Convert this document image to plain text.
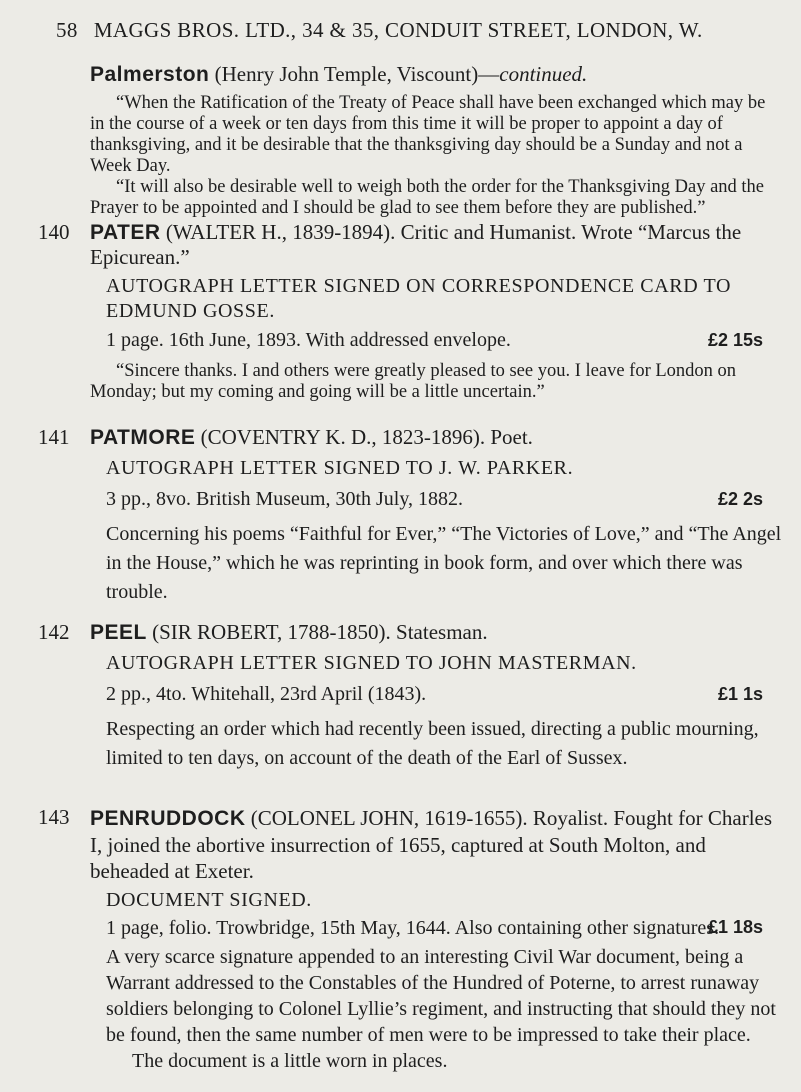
58 MAGGS BROS. LTD., 34 & 35, CONDUIT STREET, LONDON, W.
Palmerston (Henry John Temple, Viscount)—continued.

“When the Ratification of the Treaty of Peace shall have been exchanged which may be in the course of a week or ten days from this time it will be proper to appoint a day of thanksgiving, and it be desirable that the thanksgiving day should be a Sunday and not a Week Day.

“It will also be desirable well to weigh both the order for the Thanksgiving Day and the Prayer to be appointed and I should be glad to see them before they are published.”

140 PATER (WALTER H., 1839-1894). Critic and Humanist. Wrote “Marcus the Epicurean.”
AUTOGRAPH LETTER SIGNED ON CORRESPONDENCE CARD TO EDMUND GOSSE.
1 page. 16th June, 1893. With addressed envelope.	£2 15s

“Sincere thanks. I and others were greatly pleased to see you. I leave for London on Monday; but my coming and going will be a little uncertain.”

141 PATMORE (COVENTRY K. D., 1823-1896). Poet.
AUTOGRAPH LETTER SIGNED TO J. W. PARKER.
3 pp., 8vo. British Museum, 30th July, 1882.	£2 2s

Concerning his poems “Faithful for Ever,” “The Victories of Love,” and “The Angel in the House,” which he was reprinting in book form, and over which there was trouble.

142 PEEL (SIR ROBERT, 1788-1850). Statesman.
AUTOGRAPH LETTER SIGNED TO JOHN MASTERMAN.
2 pp., 4to. Whitehall, 23rd April (1843).	£1 1s

Respecting an order which had recently been issued, directing a public mourning, limited to ten days, on account of the death of the Earl of Sussex.

143 PENRUDDOCK (COLONEL JOHN, 1619-1655). Royalist. Fought for Charles I, joined the abortive insurrection of 1655, captured at South Molton, and beheaded at Exeter.
DOCUMENT SIGNED.

1 page, folio. Trowbridge, 15th May, 1644. Also containing other signatures.

£1 18s

A very scarce signature appended to an interesting Civil War document, being a Warrant addressed to the Constables of the Hundred of Poterne, to arrest runaway soldiers belonging to Colonel Lyllie’s regiment, and instructing that should they not be found, then the same number of men were to be impressed to take their place.

The document is a little worn in places.
